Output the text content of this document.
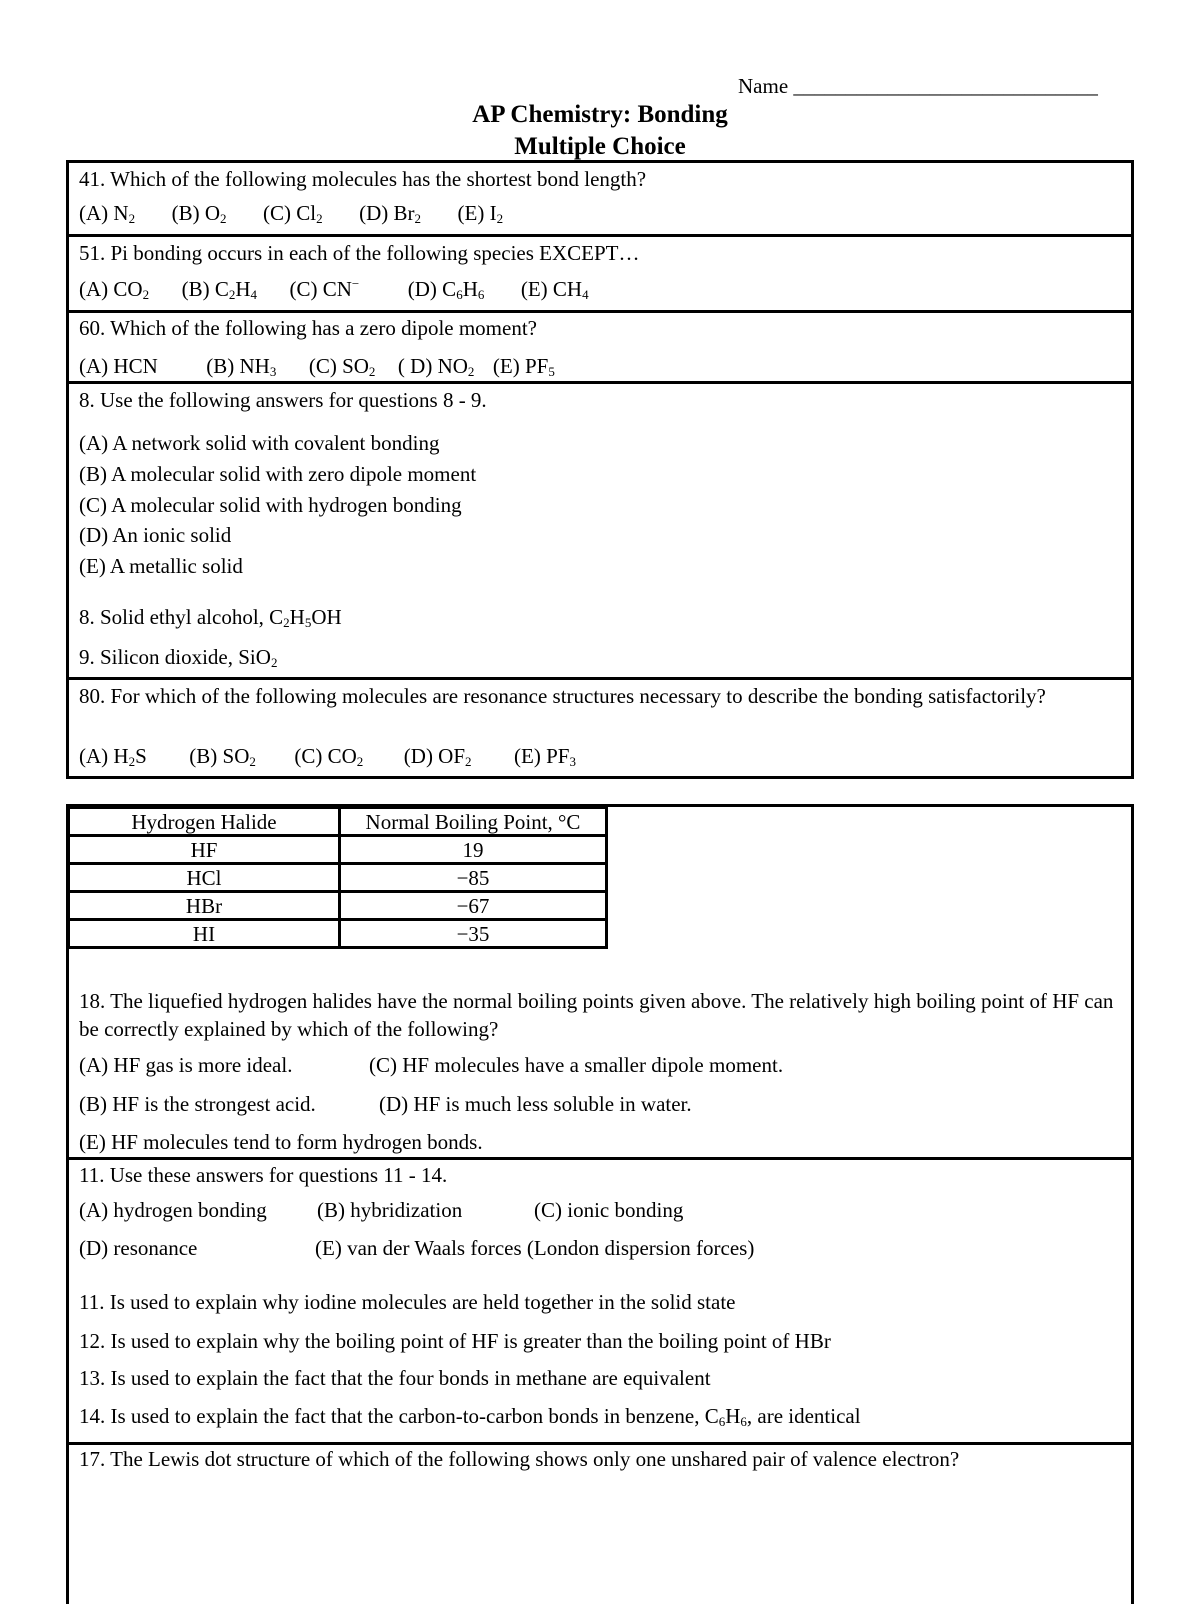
Name _____________________________
AP Chemistry: Bonding
Multiple Choice
41. Which of the following molecules has the shortest bond length?
(A) $N_2$ (B) $O_2$ (C) $Cl_2$ (D) $Br_2$ (E) $I_2$
51. Pi bonding occurs in each of the following species EXCEPT…
(A) $CO_2$ (B) $C_2H_4$ (C) CN− (D) $C_6H_6$ (E) $CH_4$
60. Which of the following has a zero dipole moment?
(A) HCN (B) $NH_3$ (C) $SO_2$ ( D) $NO_2$ (E) $PF_5$
8. Use the following answers for questions 8 - 9.
(A) A network solid with covalent bonding
(B) A molecular solid with zero dipole moment
(C) A molecular solid with hydrogen bonding
(D) An ionic solid
(E) A metallic solid
8. Solid ethyl alcohol, $C_2H_5OH$
9. Silicon dioxide, SiO$_2$
80. For which of the following molecules are resonance structures necessary to describe the bonding satisfactorily?
(A) $H_2S$ (B) $SO_2$ (C) $CO_2$ (D) $OF_2$ (E) $PF_3$
Hydrogen Halide	Normal Boiling Point, °C
HF	19
HCl	−85
HBr	−67
HI	−35
18. The liquefied hydrogen halides have the normal boiling points given above. The relatively high boiling point of HF can be correctly explained by which of the following?
(A) HF gas is more ideal.	(C) HF molecules have a smaller dipole moment.
(B) HF is the strongest acid.	(D) HF is much less soluble in water.
(E) HF molecules tend to form hydrogen bonds.
11. Use these answers for questions 11 - 14.
(A) hydrogen bonding (B) hybridization	(C) ionic bonding
(D) resonance	(E) van der Waals forces (London dispersion forces)
11. Is used to explain why iodine molecules are held together in the solid state
12. Is used to explain why the boiling point of HF is greater than the boiling point of HBr
13. Is used to explain the fact that the four bonds in methane are equivalent
14. Is used to explain the fact that the carbon-to-carbon bonds in benzene, $C_6H_6$, are identical
17. The Lewis dot structure of which of the following shows only one unshared pair of valence electron?
